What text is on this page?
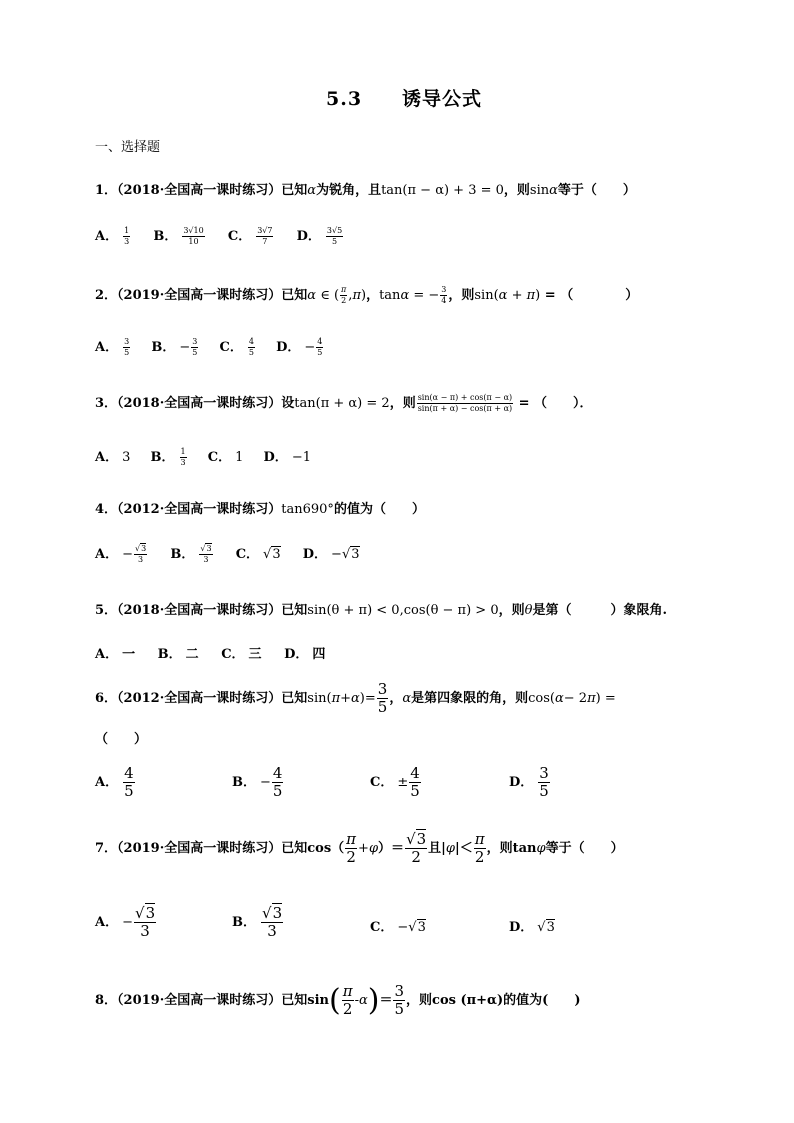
5.3　　诱导公式
一、选择题
1．（2018·全国高一课时练习）已知α为锐角，且tan(π − α) + 3 = 0，则sinα等于（　　）
A． $\frac{1}{3}$ B． $\frac{3√10}{10}$ C． $\frac{3√7}{7}$ D． $\frac{3√5}{5}$
2．（2019·全国高一课时练习）已知α ∈ ( $\frac{\pi}{2} ,\pi$)，tanα = − $\frac{3}{4}$ ，则sin(α + π) = （　　　　）
A． $\frac{3}{5}$ B． − $\frac{3}{5}$ C． $\frac{4}{5}$ D． − $\frac{4}{5}$
3．（2018·全国高一课时练习）设tan(π + α) = 2，则 $\frac{\sin(\alpha - \pi) + \cos(\pi - \alpha)}{\sin(\pi + \alpha) - \cos(\pi + \alpha)}$ = （　　）．
A． 3 B． $\frac{1}{3}$ C． 1 D． −1
4．（2012·全国高一课时练习）tan690°的值为（　　）
A． − $\frac{√3}{3}$ B． $\frac{√3}{3}$ C． √3 D． −√3
5．（2018·全国高一课时练习）已知sin(θ + π) < 0,cos(θ − π) > 0，则θ是第（　　　）象限角.
A． 一 B． 二 C． 三 D． 四
6．（2012·全国高一课时练习）已知$\sin(\pi+\alpha)= \frac{3}{5}$ ，α是第四象限的角，则cos(α− 2π) =
（　　）
A． $\frac{4}{5}$	B． − $\frac{4}{5}$	C． ± $\frac{4}{5}$	D． $\frac{3}{5}$
7．（2019·全国高一课时练习）已知$\cos( \frac{\pi}{2} +\varphi)= \frac{√3}{2}$ 且$|\varphi|< \frac{\pi}{2}$ ，则tanφ等于（　　）
A． − $\frac{√3}{3}$	B． $\frac{√3}{3}$	C． −√3	D． √3
8．（2019·全国高一课时练习）已知$\sin( \frac{\pi}{2} -\alpha)= \frac{3}{5}$ ，则cos (π+α)的值为(　　)
